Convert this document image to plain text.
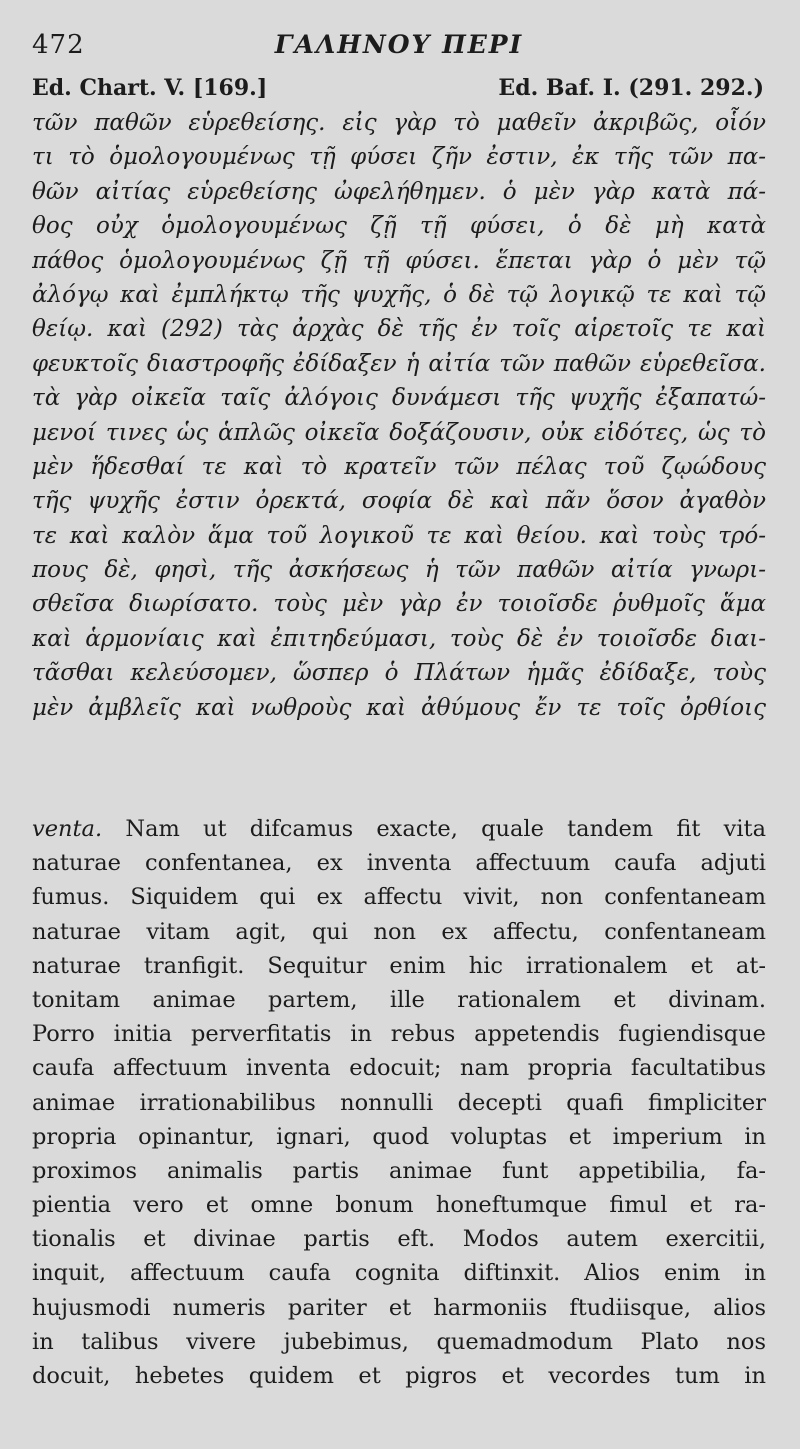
472	ΓΑΛΗΝΟΥ ΠΕΡΙ
Ed. Chart. V. [169.]	Ed. Baf. I. (291. 292.)
τῶν παθῶν εὑρεθείσης. εἰς γὰρ τὸ μαθεῖν ἀκριβῶς, οἷόν
τι τὸ ὁμολογουμένως τῇ φύσει ζῆν ἐστιν, ἐκ τῆς τῶν πα-
θῶν αἰτίας εὑρεθείσης ὠφελήθημεν. ὁ μὲν γὰρ κατὰ πά-
θος οὐχ ὁμολογουμένως ζῇ τῇ φύσει, ὁ δὲ μὴ κατὰ
πάθος ὁμολογουμένως ζῇ τῇ φύσει. ἕπεται γὰρ ὁ μὲν τῷ
ἀλόγῳ καὶ ἐμπλήκτῳ τῆς ψυχῆς, ὁ δὲ τῷ λογικῷ τε καὶ τῷ
θείῳ. καὶ (292) τὰς ἀρχὰς δὲ τῆς ἐν τοῖς αἱρετοῖς τε καὶ
φευκτοῖς διαστροφῆς ἐδίδαξεν ἡ αἰτία τῶν παθῶν εὑρεθεῖσα.
τὰ γὰρ οἰκεῖα ταῖς ἀλόγοις δυνάμεσι τῆς ψυχῆς ἐξαπατώ-
μενοί τινες ὡς ἁπλῶς οἰκεῖα δοξάζουσιν, οὐκ εἰδότες, ὡς τὸ
μὲν ἥδεσθαί τε καὶ τὸ κρατεῖν τῶν πέλας τοῦ ζῳώδους
τῆς ψυχῆς ἐστιν ὀρεκτά, σοφία δὲ καὶ πᾶν ὅσον ἀγαθὸν
τε καὶ καλὸν ἅμα τοῦ λογικοῦ τε καὶ θείου. καὶ τοὺς τρό-
πους δὲ, φησὶ, τῆς ἀσκήσεως ἡ τῶν παθῶν αἰτία γνωρι-
σθεῖσα διωρίσατο. τοὺς μὲν γὰρ ἐν τοιοῖσδε ῥυθμοῖς ἅμα
καὶ ἁρμονίαις καὶ ἐπιτηδεύμασι, τοὺς δὲ ἐν τοιοῖσδε διαι-
τᾶσθαι κελεύσομεν, ὥσπερ ὁ Πλάτων ἡμᾶς ἐδίδαξε, τοὺς
μὲν ἀμβλεῖς καὶ νωθροὺς καὶ ἀθύμους ἔν τε τοῖς ὀρθίοις
venta. Nam ut difcamus exacte, quale tandem fit vita
naturae confentanea, ex inventa affectuum caufa adjuti
fumus. Siquidem qui ex affectu vivit, non confentaneam
naturae vitam agit, qui non ex affectu, confentaneam
naturae tranfigit. Sequitur enim hic irrationalem et at-
tonitam animae partem, ille rationalem et divinam.
Porro initia perverfitatis in rebus appetendis fugiendisque
caufa affectuum inventa edocuit; nam propria facultatibus
animae irrationabilibus nonnulli decepti quafi fimpliciter
propria opinantur, ignari, quod voluptas et imperium in
proximos animalis partis animae funt appetibilia, fa-
pientia vero et omne bonum honeftumque fimul et ra-
tionalis et divinae partis eft. Modos autem exercitii,
inquit, affectuum caufa cognita diftinxit. Alios enim in
hujusmodi numeris pariter et harmoniis ftudiisque, alios
in talibus vivere jubebimus, quemadmodum Plato nos
docuit, hebetes quidem et pigros et vecordes tum in
